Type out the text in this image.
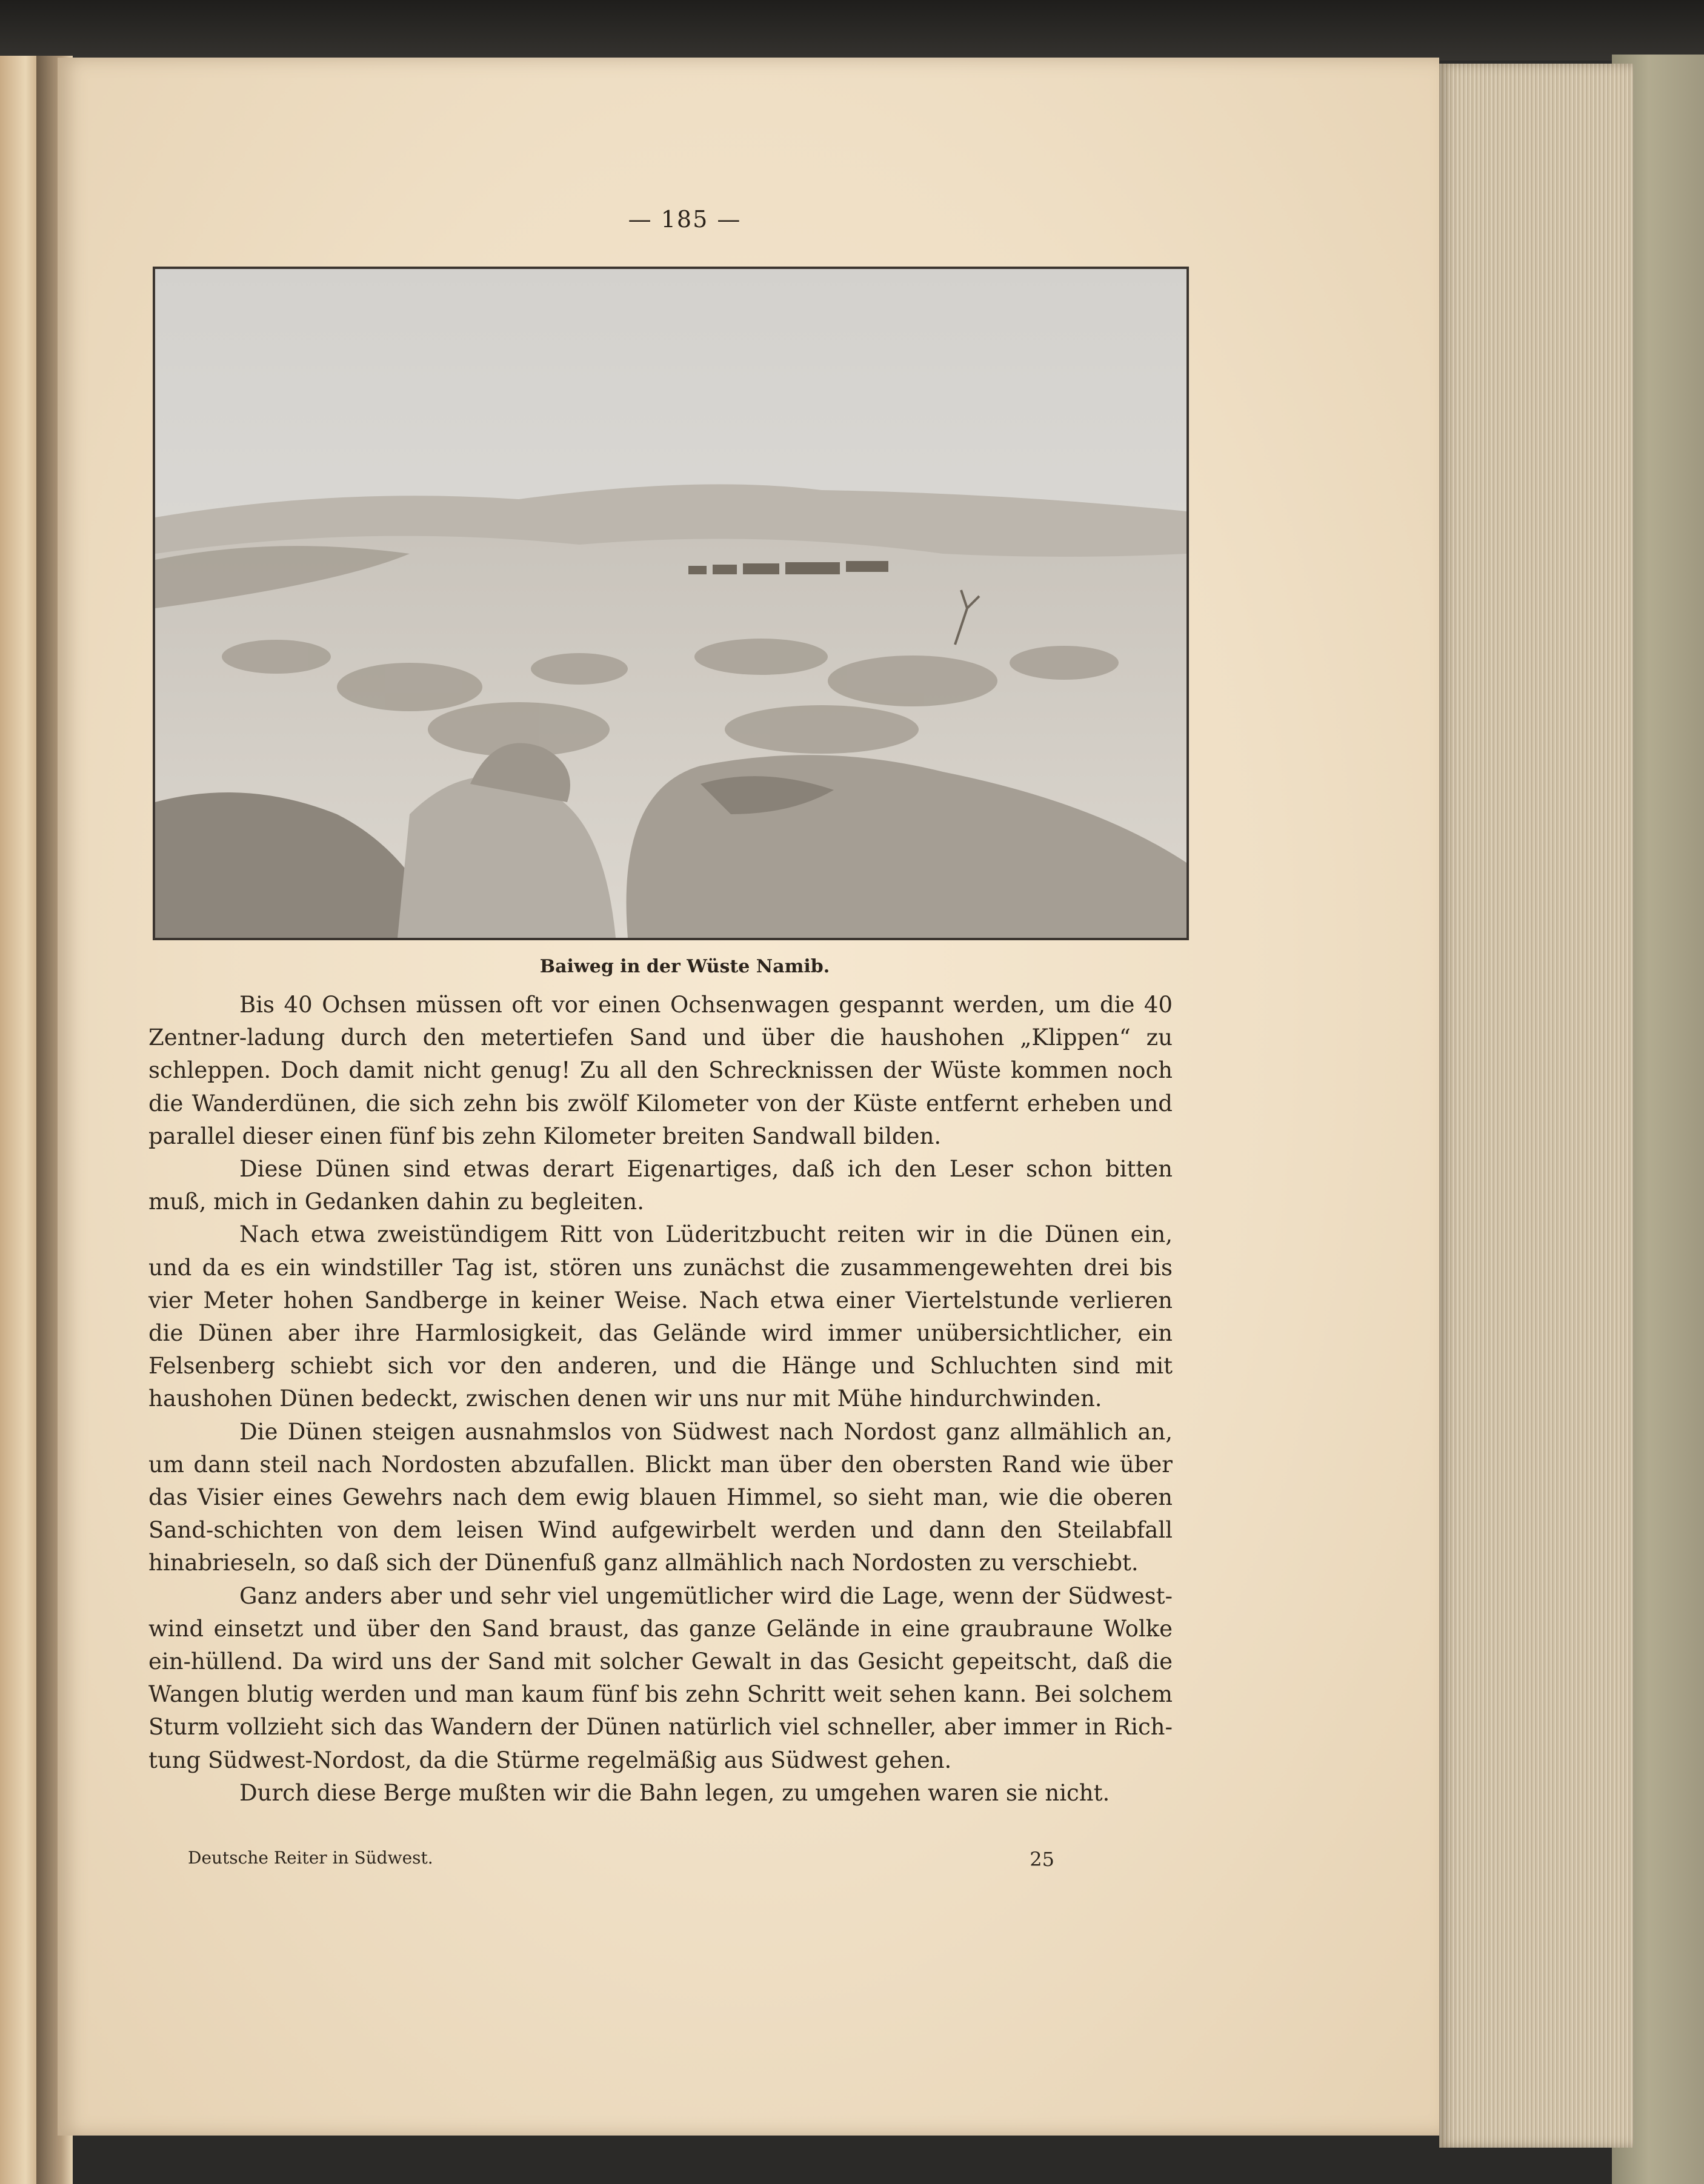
— 185 —
Baiweg in der Wüste Namib.

Bis 40 Ochsen müssen oft vor einen Ochsenwagen gespannt werden, um die 40 Zentner-ladung durch den metertiefen Sand und über die haushohen „Klippen“ zu schleppen. Doch damit nicht genug! Zu all den Schrecknissen der Wüste kommen noch die Wanderdünen, die sich zehn bis zwölf Kilometer von der Küste entfernt erheben und parallel dieser einen fünf bis zehn Kilometer breiten Sandwall bilden.

Diese Dünen sind etwas derart Eigenartiges, daß ich den Leser schon bitten muß, mich in Gedanken dahin zu begleiten.

Nach etwa zweistündigem Ritt von Lüderitzbucht reiten wir in die Dünen ein, und da es ein windstiller Tag ist, stören uns zunächst die zusammengewehten drei bis vier Meter hohen Sandberge in keiner Weise. Nach etwa einer Viertelstunde verlieren die Dünen aber ihre Harmlosigkeit, das Gelände wird immer unübersichtlicher, ein Felsenberg schiebt sich vor den anderen, und die Hänge und Schluchten sind mit haushohen Dünen bedeckt, zwischen denen wir uns nur mit Mühe hindurchwinden.

Die Dünen steigen ausnahmslos von Südwest nach Nordost ganz allmählich an, um dann steil nach Nordosten abzufallen. Blickt man über den obersten Rand wie über das Visier eines Gewehrs nach dem ewig blauen Himmel, so sieht man, wie die oberen Sand-schichten von dem leisen Wind aufgewirbelt werden und dann den Steilabfall hinabrieseln, so daß sich der Dünenfuß ganz allmählich nach Nordosten zu verschiebt.

Ganz anders aber und sehr viel ungemütlicher wird die Lage, wenn der Südwest-wind einsetzt und über den Sand braust, das ganze Gelände in eine graubraune Wolke ein-hüllend. Da wird uns der Sand mit solcher Gewalt in das Gesicht gepeitscht, daß die Wangen blutig werden und man kaum fünf bis zehn Schritt weit sehen kann. Bei solchem Sturm vollzieht sich das Wandern der Dünen natürlich viel schneller, aber immer in Rich-tung Südwest-Nordost, da die Stürme regelmäßig aus Südwest gehen.

Durch diese Berge mußten wir die Bahn legen, zu umgehen waren sie nicht.

Deutsche Reiter in Südwest.	25
